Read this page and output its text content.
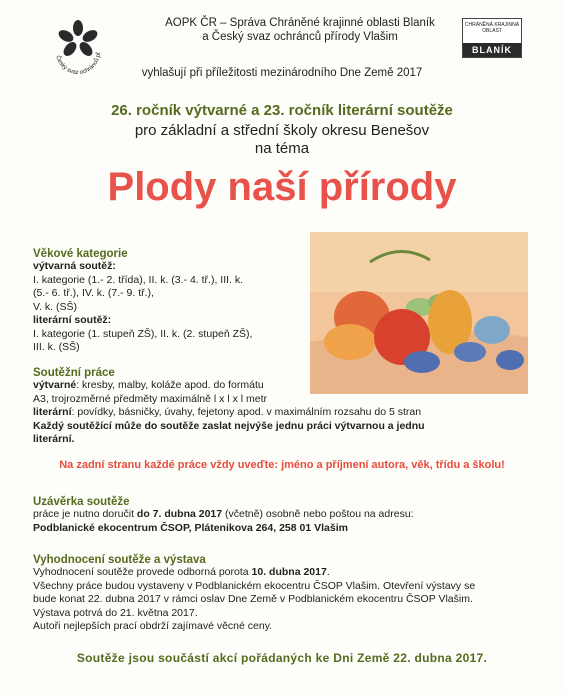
Český svaz ochránců př
CHRÁNĚNÁ KRAJINNÁ OBLAST
BLANÍK
AOPK ČR – Správa Chráněné krajinné oblasti Blaník
a Český svaz ochránců přírody Vlašim
vyhlašují při příležitosti mezinárodního Dne Země 2017
26. ročník výtvarné a 23. ročník literární soutěže
pro základní a střední školy okresu Benešov
na téma
Plody naší přírody
Věkové kategorie
výtvarná soutěž:
I. kategorie (1.- 2. třída), II. k. (3.- 4. tř.), III. k.
(5.- 6. tř.), IV. k. (7.- 9. tř.),
V. k. (SŠ)
literární soutěž:
I. kategorie (1. stupeň ZŠ), II. k. (2. stupeň ZŠ),
III. k. (SŠ)
Soutěžní práce
výtvarné: kresby, malby, koláže apod. do formátu
A3, trojrozměrné předměty maximálně l x l x l metr
literární: povídky, básničky, úvahy, fejetony apod. v maximálním rozsahu do 5 stran
Každý soutěžící může do soutěže zaslat nejvýše jednu práci výtvarnou a jednu
literární.
Na zadní stranu každé práce vždy uveďte: jméno a příjmení autora, věk, třídu a školu!
Uzávěrka soutěže
práce je nutno doručit do 7. dubna 2017 (včetně) osobně nebo poštou na adresu:
Podblanické ekocentrum ČSOP, Plátenikova 264, 258 01 Vlašim
Vyhodnocení soutěže a výstava
Vyhodnocení soutěže provede odborná porota 10. dubna 2017.
Všechny práce budou vystaveny v Podblanickém ekocentru ČSOP Vlašim. Otevření výstavy se
bude konat 22. dubna 2017 v rámci oslav Dne Země v Podblanickém ekocentru ČSOP Vlašim.
Výstava potrvá do 21. května 2017.
Autoři nejlepších prací obdrží zajímavé věcné ceny.
Soutěže jsou součástí akcí pořádaných ke Dni Země 22. dubna 2017.
